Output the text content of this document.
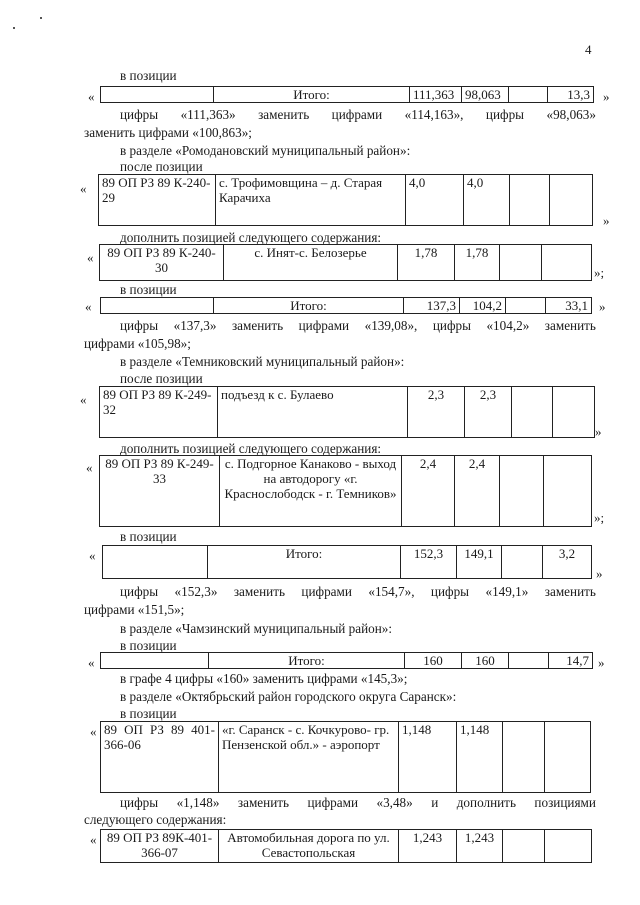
4
в позиции
«
		Итого:	111,363	98,063		13,3 »
цифры «111,363» заменить цифрами «114,163», цифры «98,063»
заменить цифрами «100,863»;
в разделе «Ромодановский муниципальный район»:
после позиции
« 89 ОП РЗ 89 К-240-29	с. Трофимовщина – д. Старая Карачиха	4,0	4,0		
»
дополнить позицией следующего содержания:
« 89 ОП РЗ 89 К-240-30	с. Инят-с. Белозерье	1,78	1,78		
»;
в позиции
«
		Итого:	137,3	104,2		33,1 »
цифры «137,3» заменить цифрами «139,08», цифры «104,2» заменить
цифрами «105,98»;
в разделе «Темниковский муниципальный район»:
после позиции
« 89 ОП РЗ 89 К-249-32	подъезд к с. Булаево	2,3	2,3		
»
дополнить позицией следующего содержания:
« 89 ОП РЗ 89 К-249-33	с. Подгорное Канаково - выход на автодорогу «г. Краснослободск - г. Темников»	2,4	2,4		
»;
в позиции
«
		Итого:	152,3	149,1		3,2
»
цифры «152,3» заменить цифрами «154,7», цифры «149,1» заменить
цифрами «151,5»;
в разделе «Чамзинский муниципальный район»:
в позиции
«
		Итого:	160	160		14,7 »
в графе 4 цифры «160» заменить цифрами «145,3»;
в разделе «Октябрьский район городского округа Саранск»:
в позиции
« 89 ОП РЗ 89 401-366-06	«г. Саранск - с. Кочкурово- гр. Пензенской обл.» - аэропорт	1,148	1,148		
цифры «1,148» заменить цифрами «3,48» и дополнить позициями
следующего содержания:
« 89 ОП РЗ 89К-401-366-07	Автомобильная дорога по ул. Севастопольская	1,243	1,243		
